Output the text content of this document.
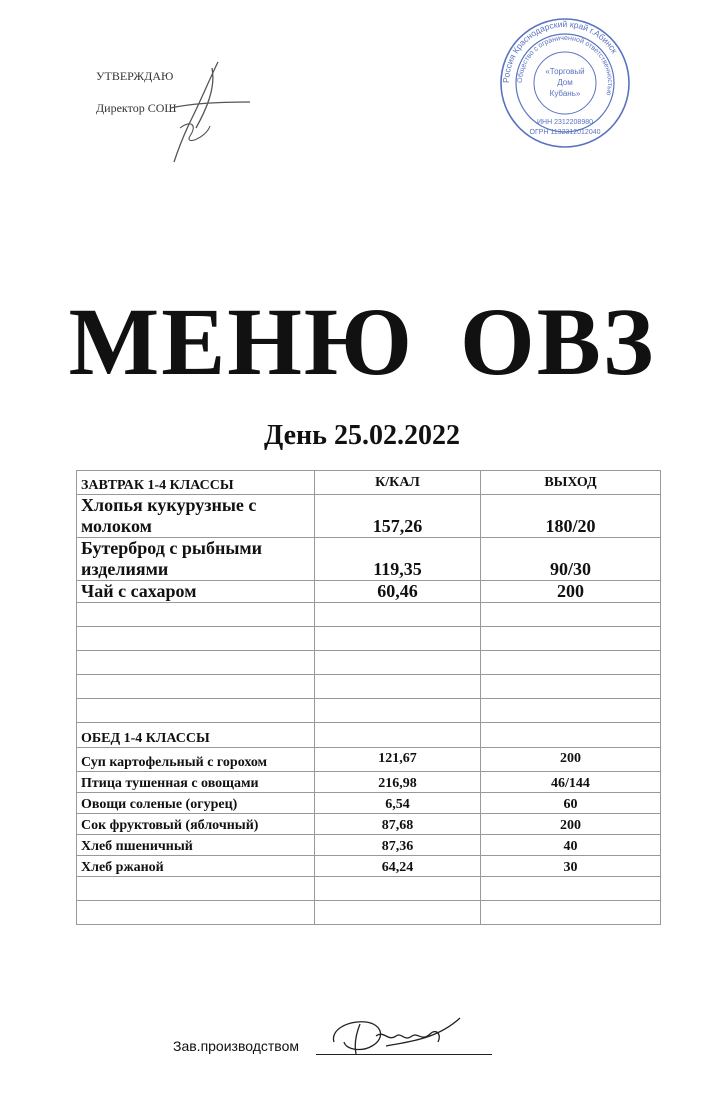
УТВЕРЖДАЮ
Директор СОШ
Россия Краснодарский край г.Абинск
Общество с ограниченной ответственностью
«Торговый
Дом
Кубань»
ИНН 2312208980
ОГРН 1132312012040
МЕНЮ ОВЗ
День 25.02.2022
ЗАВТРАК 1-4 КЛАССЫ	К/КАЛ	ВЫХОД
Хлопья кукурузные с молоком	157,26	180/20
Бутерброд с рыбными изделиями	119,35	90/30
Чай с сахаром	60,46	200

ОБЕД 1-4 КЛАССЫ		
Суп картофельный с горохом	121,67	200
Птица тушенная с овощами	216,98	46/144
Овощи соленые (огурец)	6,54	60
Сок фруктовый (яблочный)	87,68	200
Хлеб пшеничный	87,36	40
Хлеб ржаной	64,24	30

Зав.производством
